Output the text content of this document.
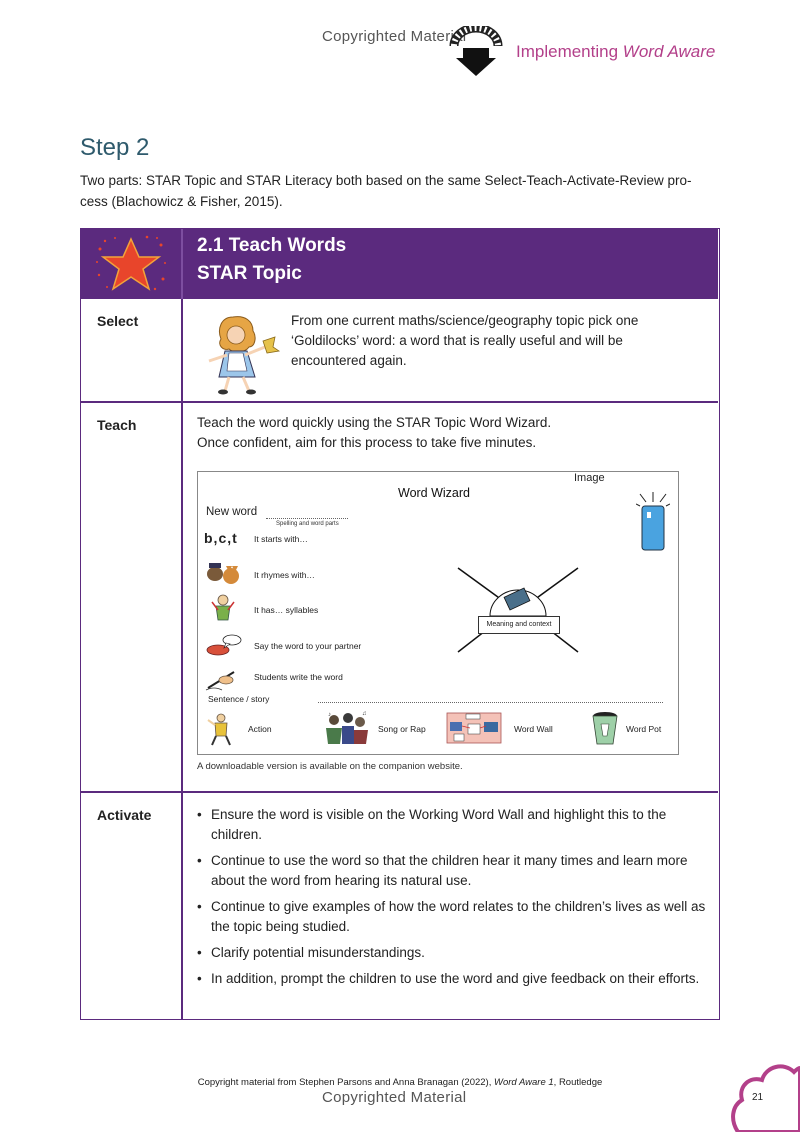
Copyrighted Material
Implementing Word Aware
Step 2
Two parts: STAR Topic and STAR Literacy both based on the same Select-Teach-Activate-Review pro-
cess (Blachowicz & Fisher, 2015).
2.1 Teach Words
STAR Topic
Select	From one current maths/science/geography topic pick one ‘Goldilocks’ word: a word that is really useful and will be encountered again.
Teach	Teach the word quickly using the STAR Topic Word Wizard.
Once confident, aim for this process to take five minutes.
Image
Word Wizard
New word
Spelling and word parts
b,c,t It starts with…
It rhymes with…
It has… syllables
Say the word to your partner
Students write the word
Meaning and context
Sentence / story
Action
♪	♫
Song or Rap	Word Wall	Word Pot
A downloadable version is available on the companion website.
Activate
•	Ensure the word is visible on the Working Word Wall and highlight this to the children.
• Continue to use the word so that the children hear it many times and learn more about the word from hearing its natural use.
• Continue to give examples of how the word relates to the children’s lives as well as the topic being studied.
• Clarify potential misunderstandings.
• In addition, prompt the children to use the word and give feedback on their efforts.
Copyright material from Stephen Parsons and Anna Branagan (2022), Word Aware 1, Routledge
Copyrighted Material	21
